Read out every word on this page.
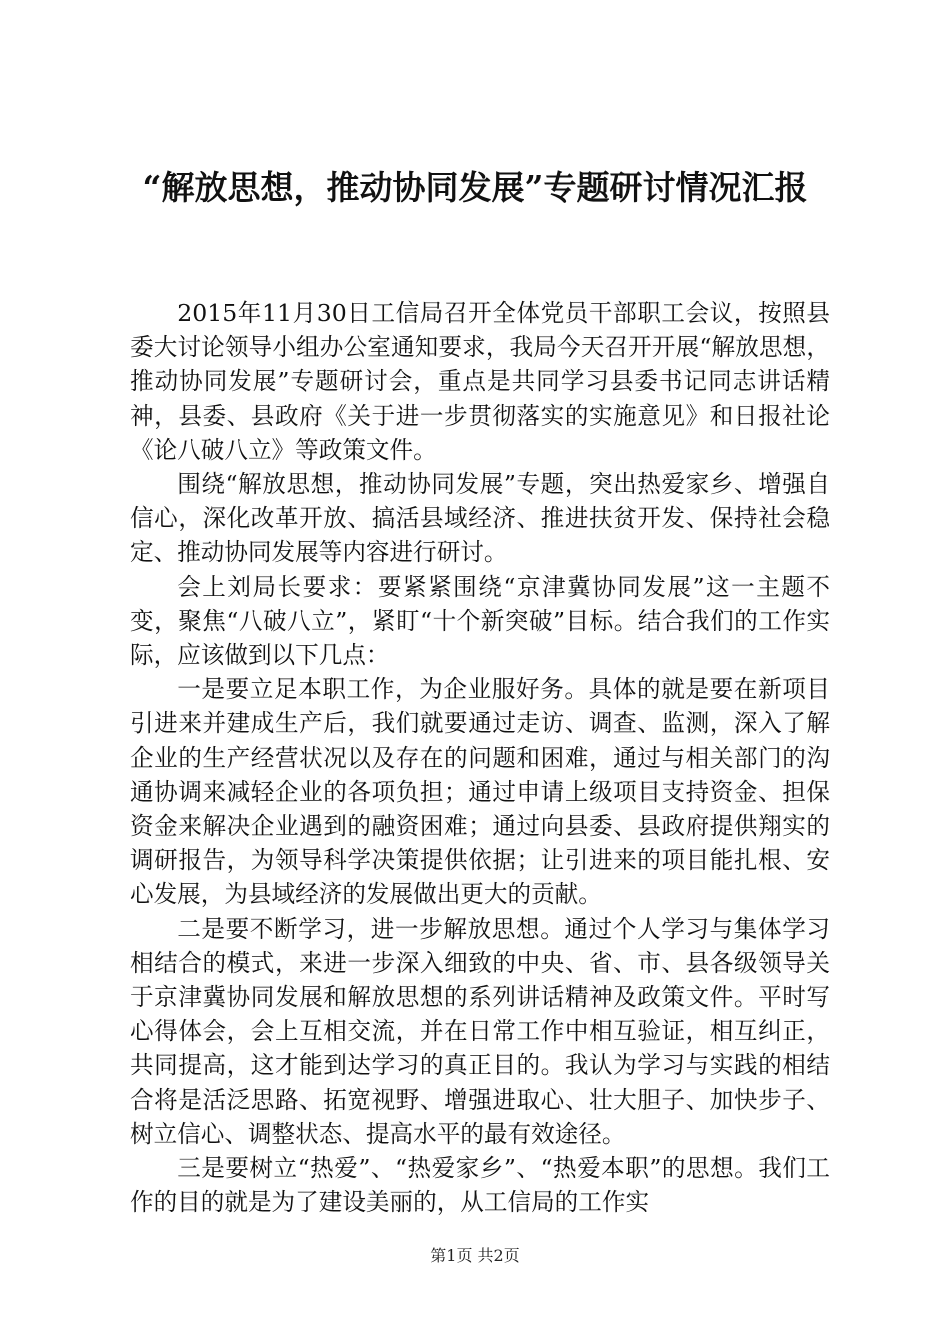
“解放思想，推动协同发展”专题研讨情况汇报

2015年11月30日工信局召开全体党员干部职工会议，按照县委大讨论领导小组办公室通知要求，我局今天召开开展“解放思想，推动协同发展”专题研讨会，重点是共同学习县委书记同志讲话精神，县委、县政府《关于进一步贯彻落实的实施意见》和日报社论《论八破八立》等政策文件。

围绕“解放思想，推动协同发展”专题，突出热爱家乡、增强自信心，深化改革开放、搞活县域经济、推进扶贫开发、保持社会稳定、推动协同发展等内容进行研讨。

会上刘局长要求：要紧紧围绕“京津冀协同发展”这一主题不变，聚焦“八破八立”，紧盯“十个新突破”目标。结合我们的工作实际，应该做到以下几点：

一是要立足本职工作，为企业服好务。具体的就是要在新项目引进来并建成生产后，我们就要通过走访、调查、监测，深入了解企业的生产经营状况以及存在的问题和困难，通过与相关部门的沟通协调来减轻企业的各项负担；通过申请上级项目支持资金、担保资金来解决企业遇到的融资困难；通过向县委、县政府提供翔实的调研报告，为领导科学决策提供依据；让引进来的项目能扎根、安心发展，为县域经济的发展做出更大的贡献。

二是要不断学习，进一步解放思想。通过个人学习与集体学习相结合的模式，来进一步深入细致的中央、省、市、县各级领导关于京津冀协同发展和解放思想的系列讲话精神及政策文件。平时写心得体会，会上互相交流，并在日常工作中相互验证，相互纠正，共同提高，这才能到达学习的真正目的。我认为学习与实践的相结合将是活泛思路、拓宽视野、增强进取心、壮大胆子、加快步子、树立信心、调整状态、提高水平的最有效途径。

三是要树立“热爱”、“热爱家乡”、“热爱本职”的思想。我们工作的目的就是为了建设美丽的，从工信局的工作实

第1页 共2页
